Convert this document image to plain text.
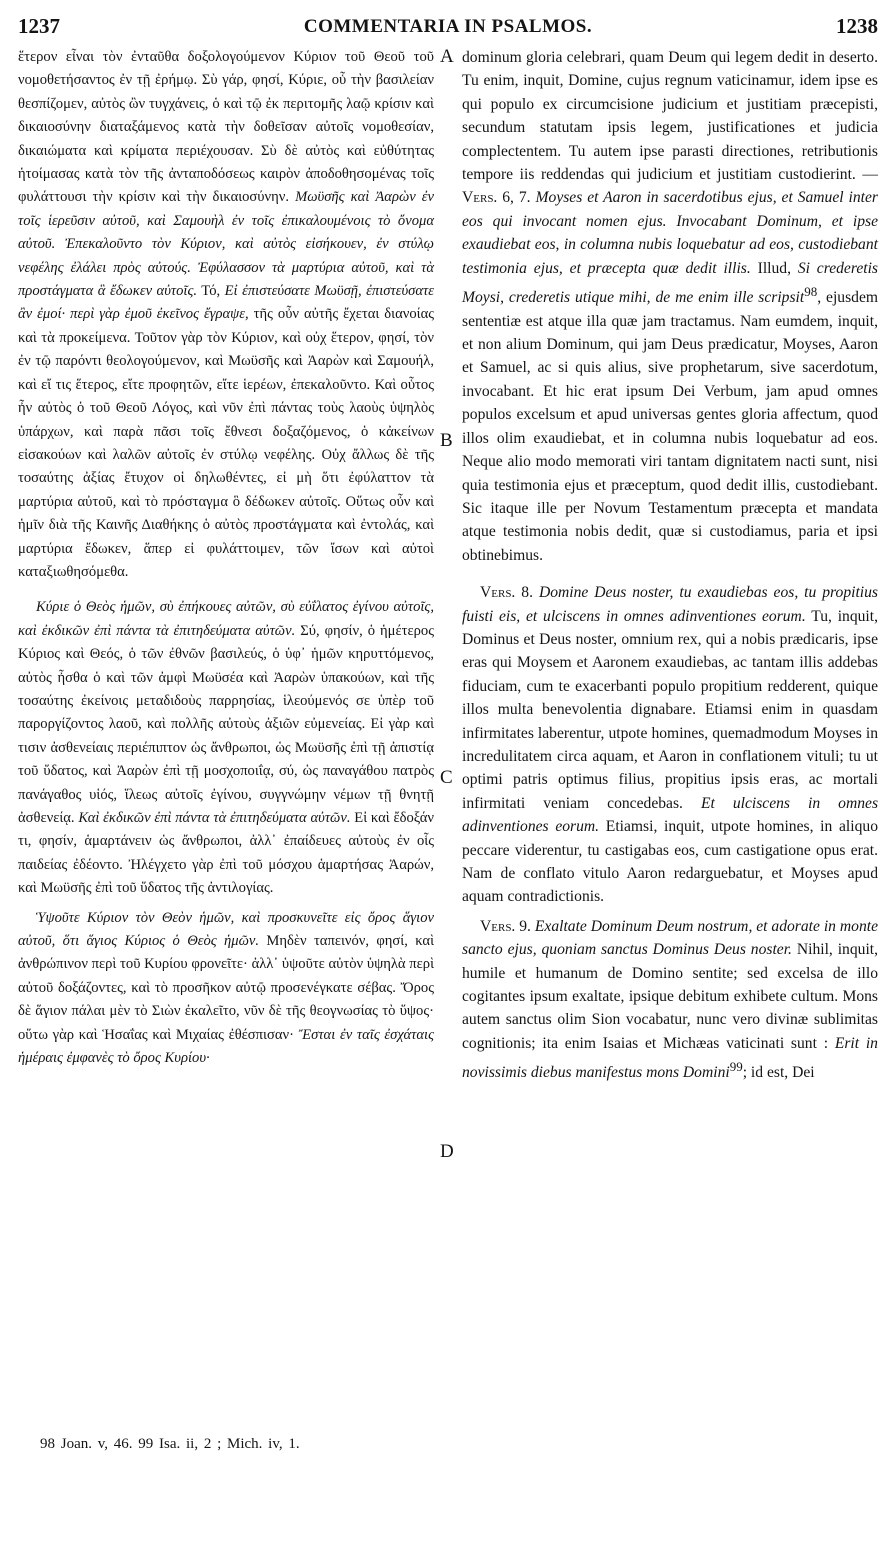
1237	COMMENTARIA IN PSALMOS.	1238
A
B
C
D

ἕτερον εἶναι τὸν ἐνταῦθα δοξολογούμενον Κύριον τοῦ Θεοῦ τοῦ νομοθετήσαντος ἐν τῇ ἐρήμῳ. Σὺ γάρ, φησί, Κύριε, οὗ τὴν βασιλείαν θεσπίζομεν, αὐτὸς ὢν τυγχάνεις, ὁ καὶ τῷ ἐκ περιτομῆς λαῷ κρίσιν καὶ δικαιοσύνην διαταξάμενος κατὰ τὴν δοθεῖσαν αὐτοῖς νομοθεσίαν, δικαιώματα καὶ κρίματα περιέχουσαν. Σὺ δὲ αὐτὸς καὶ εὐθύτητας ἡτοίμασας κατὰ τὸν τῆς ἀνταποδόσεως καιρὸν ἀποδοθησομένας τοῖς φυλάττουσι τὴν κρίσιν καὶ τὴν δικαιοσύνην. Μωϋσῆς καὶ Ἀαρὼν ἐν τοῖς ἱερεῦσιν αὐτοῦ, καὶ Σαμουὴλ ἐν τοῖς ἐπικαλουμένοις τὸ ὄνομα αὐτοῦ. Ἐπεκαλοῦντο τὸν Κύριον, καὶ αὐτὸς εἰσήκουεν, ἐν στύλῳ νεφέλης ἐλάλει πρὸς αὐτούς. Ἐφύλασσον τὰ μαρτύρια αὐτοῦ, καὶ τὰ προστάγματα ἃ ἔδωκεν αὐτοῖς. Τό, Εἰ ἐπιστεύσατε Μωϋσῇ, ἐπιστεύσατε ἂν ἐμοί· περὶ γὰρ ἐμοῦ ἐκεῖνος ἔγραψε, τῆς οὖν αὐτῆς ἔχεται διανοίας καὶ τὰ προκείμενα. Τοῦτον γὰρ τὸν Κύριον, καὶ οὐχ ἕτερον, φησί, τὸν ἐν τῷ παρόντι θεολογούμενον, καὶ Μωϋσῆς καὶ Ἀαρὼν καὶ Σαμουήλ, καὶ εἴ τις ἕτερος, εἴτε προφητῶν, εἴτε ἱερέων, ἐπεκαλοῦντο. Καὶ οὗτος ἦν αὐτὸς ὁ τοῦ Θεοῦ Λόγος, καὶ νῦν ἐπὶ πάντας τοὺς λαοὺς ὑψηλὸς ὑπάρχων, καὶ παρὰ πᾶσι τοῖς ἔθνεσι δοξαζόμενος, ὁ κἀκείνων εἰσακούων καὶ λαλῶν αὐτοῖς ἐν στύλῳ νεφέλης. Οὐχ ἄλλως δὲ τῆς τοσαύτης ἀξίας ἔτυχον οἱ δηλωθέντες, εἰ μὴ ὅτι ἐφύλαττον τὰ μαρτύρια αὐτοῦ, καὶ τὸ πρόσταγμα ὃ δέδωκεν αὐτοῖς. Οὕτως οὖν καὶ ἡμῖν διὰ τῆς Καινῆς Διαθήκης ὁ αὐτὸς προστάγματα καὶ ἐντολάς, καὶ μαρτύρια ἔδωκεν, ἅπερ εἰ φυλάττοιμεν, τῶν ἴσων καὶ αὐτοὶ καταξιωθησόμεθα.

Κύριε ὁ Θεὸς ἡμῶν, σὺ ἐπήκουες αὐτῶν, σὺ εὐΐλατος ἐγίνου αὐτοῖς, καὶ ἐκδικῶν ἐπὶ πάντα τὰ ἐπιτηδεύματα αὐτῶν. Σύ, φησίν, ὁ ἡμέτερος Κύριος καὶ Θεός, ὁ τῶν ἐθνῶν βασιλεύς, ὁ ὑφ᾽ ἡμῶν κηρυττόμενος, αὐτὸς ἦσθα ὁ καὶ τῶν ἀμφὶ Μωϋσέα καὶ Ἀαρὼν ὑπακούων, καὶ τῆς τοσαύτης ἐκείνοις μεταδιδοὺς παρρησίας, ἱλεούμενός σε ὑπὲρ τοῦ παροργίζοντος λαοῦ, καὶ πολλῆς αὐτοὺς ἀξιῶν εὐμενείας. Εἰ γὰρ καὶ τισιν ἀσθενείαις περιέπιπτον ὡς ἄνθρωποι, ὡς Μωϋσῆς ἐπὶ τῇ ἀπιστίᾳ τοῦ ὕδατος, καὶ Ἀαρὼν ἐπὶ τῇ μοσχοποιΐᾳ, σύ, ὡς παναγάθου πατρὸς πανάγαθος υἱός, ἵλεως αὐτοῖς ἐγίνου, συγγνώμην νέμων τῇ θνητῇ ἀσθενείᾳ. Καὶ ἐκδικῶν ἐπὶ πάντα τὰ ἐπιτηδεύματα αὐτῶν. Εἰ καὶ ἔδοξάν τι, φησίν, ἁμαρτάνειν ὡς ἄνθρωποι, ἀλλ᾽ ἐπαίδευες αὐτοὺς ἐν οἷς παιδείας ἐδέοντο. Ἠλέγχετο γὰρ ἐπὶ τοῦ μόσχου ἁμαρτήσας Ἀαρών, καὶ Μωϋσῆς ἐπὶ τοῦ ὕδατος τῆς ἀντιλογίας.

Ὑψοῦτε Κύριον τὸν Θεὸν ἡμῶν, καὶ προσκυνεῖτε εἰς ὄρος ἅγιον αὐτοῦ, ὅτι ἅγιος Κύριος ὁ Θεὸς ἡμῶν. Μηδὲν ταπεινόν, φησί, καὶ ἀνθρώπινον περὶ τοῦ Κυρίου φρονεῖτε· ἀλλ᾽ ὑψοῦτε αὐτὸν ὑψηλὰ περὶ αὐτοῦ δοξάζοντες, καὶ τὸ προσῆκον αὐτῷ προσενέγκατε σέβας. Ὄρος δὲ ἅγιον πάλαι μὲν τὸ Σιὼν ἐκαλεῖτο, νῦν δὲ τῆς θεογνωσίας τὸ ὕψος· οὕτω γὰρ καὶ Ἡσαΐας καὶ Μιχαίας ἐθέσπισαν· Ἔσται ἐν ταῖς ἐσχάταις ἡμέραις ἐμφανὲς τὸ ὄρος Κυρίου·

dominum gloria celebrari, quam Deum qui legem dedit in deserto. Tu enim, inquit, Domine, cujus regnum vaticinamur, idem ipse es qui populo ex circumcisione judicium et justitiam præcepisti, secundum statutam ipsis legem, justificationes et judicia complectentem. Tu autem ipse parasti directiones, retributionis tempore iis reddendas qui judicium et justitiam custodierint. — Vers. 6, 7. Moyses et Aaron in sacerdotibus ejus, et Samuel inter eos qui invocant nomen ejus. Invocabant Dominum, et ipse exaudiebat eos, in columna nubis loquebatur ad eos, custodiebant testimonia ejus, et præcepta quæ dedit illis. Illud, Si crederetis Moysi, crederetis utique mihi, de me enim ille scripsit$^{98}$, ejusdem sententiæ est atque illa quæ jam tractamus. Nam eumdem, inquit, et non alium Dominum, qui jam Deus prædicatur, Moyses, Aaron et Samuel, ac si quis alius, sive prophetarum, sive sacerdotum, invocabant. Et hic erat ipsum Dei Verbum, jam apud omnes populos excelsum et apud universas gentes gloria affectum, quod illos olim exaudiebat, et in columna nubis loquebatur ad eos. Neque alio modo memorati viri tantam dignitatem nacti sunt, nisi quia testimonia ejus et præceptum, quod dedit illis, custodiebant. Sic itaque ille per Novum Testamentum præcepta et mandata atque testimonia nobis dedit, quæ si custodiamus, paria et ipsi obtinebimus.

Vers. 8. Domine Deus noster, tu exaudiebas eos, tu propitius fuisti eis, et ulciscens in omnes adinventiones eorum. Tu, inquit, Dominus et Deus noster, omnium rex, qui a nobis prædicaris, ipse eras qui Moysem et Aaronem exaudiebas, ac tantam illis addebas fiduciam, cum te exacerbanti populo propitium redderent, quique illos multa benevolentia dignabare. Etiamsi enim in quasdam infirmitates laberentur, utpote homines, quemadmodum Moyses in incredulitatem circa aquam, et Aaron in conflationem vituli; tu ut optimi patris optimus filius, propitius ipsis eras, ac mortali infirmitati veniam concedebas. Et ulciscens in omnes adinventiones eorum. Etiamsi, inquit, utpote homines, in aliquo peccare viderentur, tu castigabas eos, cum castigatione opus erat. Nam de conflato vitulo Aaron redarguebatur, et Moyses apud aquam contradictionis.

Vers. 9. Exaltate Dominum Deum nostrum, et adorate in monte sancto ejus, quoniam sanctus Dominus Deus noster. Nihil, inquit, humile et humanum de Domino sentite; sed excelsa de illo cogitantes ipsum exaltate, ipsique debitum exhibete cultum. Mons autem sanctus olim Sion vocabatur, nunc vero divinæ sublimitas cognitionis; ita enim Isaias et Michæas vaticinati sunt : Erit in novissimis diebus manifestus mons Domini$^{99}$; id est, Dei

98 Joan. v, 46. 99 Isa. ii, 2 ; Mich. iv, 1.
